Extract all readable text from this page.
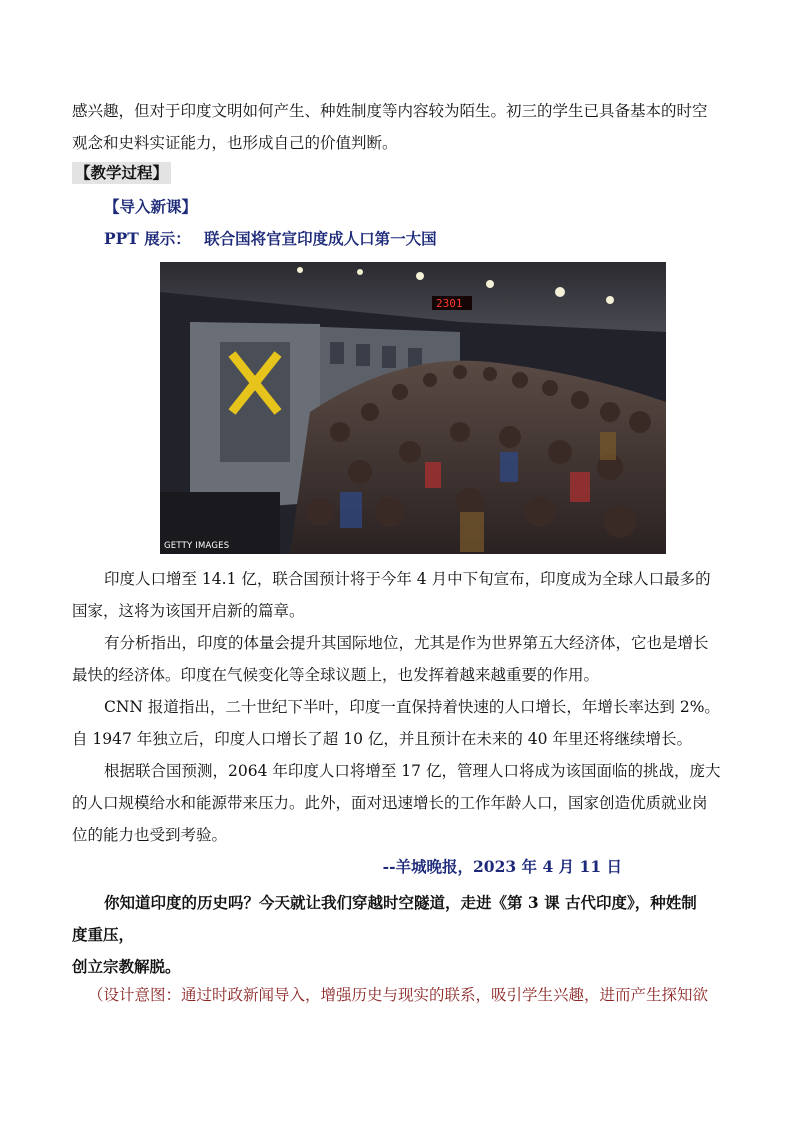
感兴趣，但对于印度文明如何产生、种姓制度等内容较为陌生。初三的学生已具备基本的时空
观念和史料实证能力，也形成自己的价值判断。
【教学过程】
【导入新课】
PPT 展示： 联合国将官宣印度成人口第一大国
2301
GETTY IMAGES
印度人口增至 14.1 亿，联合国预计将于今年 4 月中下旬宣布，印度成为全球人口最多的
国家，这将为该国开启新的篇章。
有分析指出，印度的体量会提升其国际地位，尤其是作为世界第五大经济体，它也是增长
最快的经济体。印度在气候变化等全球议题上，也发挥着越来越重要的作用。
CNN 报道指出，二十世纪下半叶，印度一直保持着快速的人口增长，年增长率达到 2%。
自 1947 年独立后，印度人口增长了超 10 亿，并且预计在未来的 40 年里还将继续增长。
根据联合国预测，2064 年印度人口将增至 17 亿，管理人口将成为该国面临的挑战，庞大
的人口规模给水和能源带来压力。此外，面对迅速增长的工作年龄人口，国家创造优质就业岗
位的能力也受到考验。
--羊城晚报，2023 年 4 月 11 日
你知道印度的历史吗？今天就让我们穿越时空隧道，走进《第 3 课 古代印度》，种姓制
度重压，
创立宗教解脱。
（设计意图：通过时政新闻导入，增强历史与现实的联系，吸引学生兴趣，进而产生探知欲
